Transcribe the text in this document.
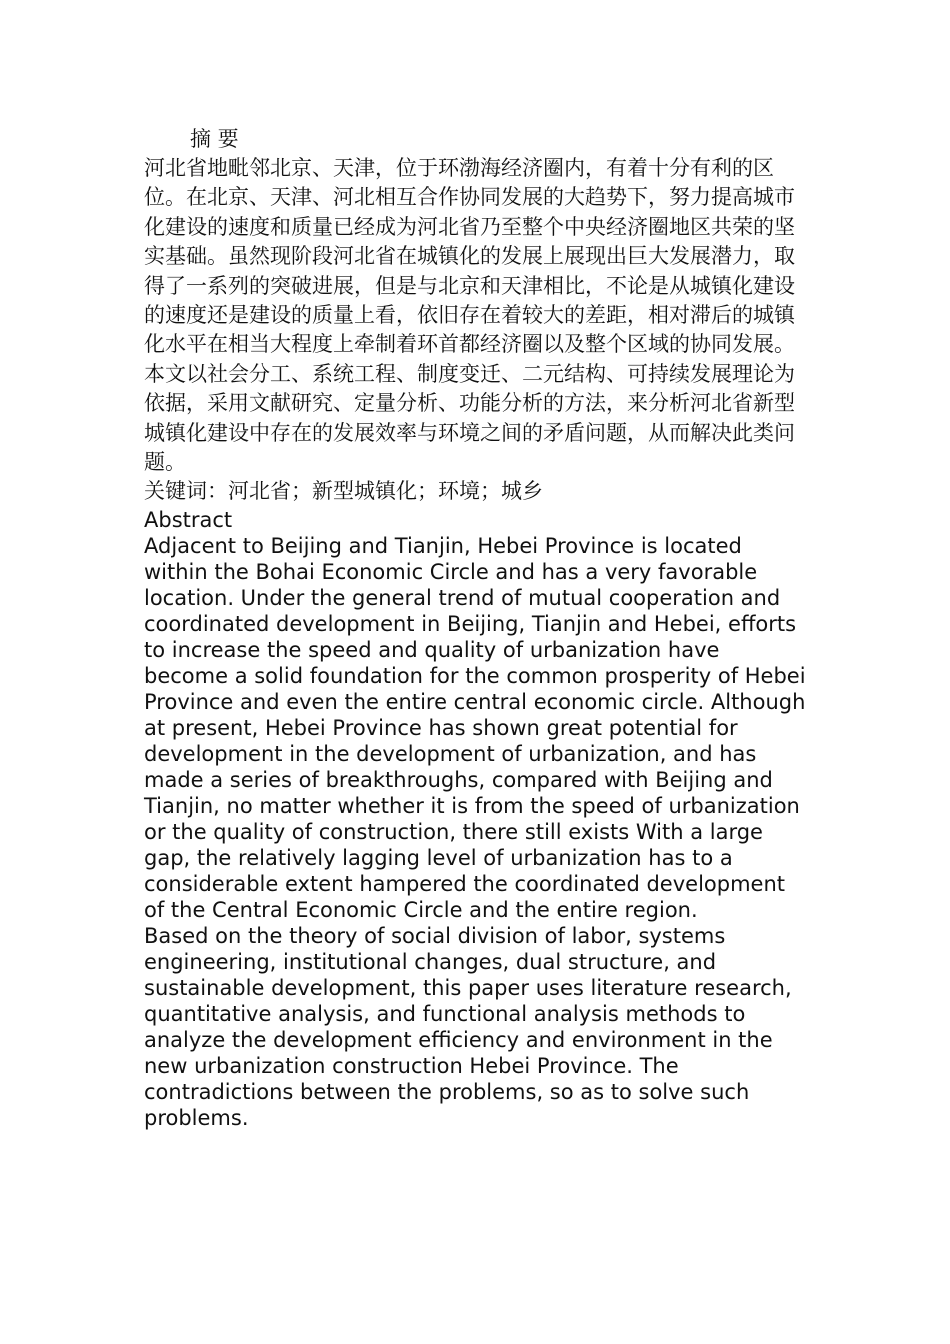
摘 要

河北省地毗邻北京、天津，位于环渤海经济圈内，有着十分有利的区位。在北京、天津、河北相互合作协同发展的大趋势下，努力提高城市化建设的速度和质量已经成为河北省乃至整个中央经济圈地区共荣的坚实基础。虽然现阶段河北省在城镇化的发展上展现出巨大发展潜力，取得了一系列的突破进展，但是与北京和天津相比，不论是从城镇化建设的速度还是建设的质量上看，依旧存在着较大的差距，相对滞后的城镇化水平在相当大程度上牵制着环首都经济圈以及整个区域的协同发展。

本文以社会分工、系统工程、制度变迁、二元结构、可持续发展理论为依据，采用文献研究、定量分析、功能分析的方法，来分析河北省新型城镇化建设中存在的发展效率与环境之间的矛盾问题，从而解决此类问题。

关键词：河北省；新型城镇化；环境；城乡

Abstract

Adjacent to Beijing and Tianjin, Hebei Province is located within the Bohai Economic Circle and has a very favorable location. Under the general trend of mutual cooperation and coordinated development in Beijing, Tianjin and Hebei, efforts to increase the speed and quality of urbanization have become a solid foundation for the common prosperity of Hebei Province and even the entire central economic circle. Although at present, Hebei Province has shown great potential for development in the development of urbanization, and has made a series of breakthroughs, compared with Beijing and Tianjin, no matter whether it is from the speed of urbanization or the quality of construction, there still exists With a large gap, the relatively lagging level of urbanization has to a considerable extent hampered the coordinated development of the Central Economic Circle and the entire region.

Based on the theory of social division of labor, systems engineering, institutional changes, dual structure, and sustainable development, this paper uses literature research, quantitative analysis, and functional analysis methods to analyze the development efficiency and environment in the new urbanization construction Hebei Province. The contradictions between the problems, so as to solve such problems.
